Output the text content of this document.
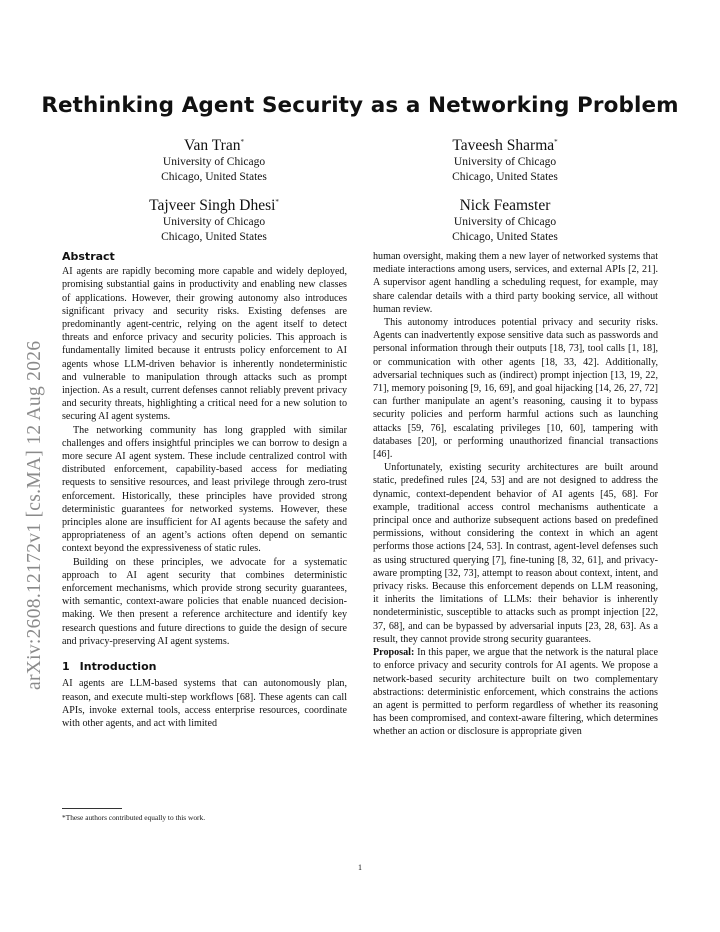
arXiv:2608.12172v1 [cs.MA] 12 Aug 2026
Rethinking Agent Security as a Networking Problem
Van Tran*
University of Chicago
Chicago, United States
Taveesh Sharma*
University of Chicago
Chicago, United States
Tajveer Singh Dhesi*
University of Chicago
Chicago, United States
Nick Feamster
University of Chicago
Chicago, United States
Abstract

AI agents are rapidly becoming more capable and widely deployed, promising substantial gains in productivity and enabling new classes of applications. However, their growing autonomy also introduces significant privacy and security risks. Existing defenses are predominantly agent-centric, relying on the agent itself to detect threats and enforce privacy and security policies. This approach is fundamentally limited because it entrusts policy enforcement to AI agents whose LLM-driven behavior is inherently nondeterministic and vulnerable to manipulation through attacks such as prompt injection. As a result, current defenses cannot reliably prevent privacy and security threats, highlighting a critical need for a new solution to securing AI agent systems.

The networking community has long grappled with similar challenges and offers insightful principles we can borrow to design a more secure AI agent system. These include centralized control with distributed enforcement, capability-based access for mediating requests to sensitive resources, and least privilege through zero-trust enforcement. Historically, these principles have provided strong deterministic guarantees for networked systems. However, these principles alone are insufficient for AI agents because the safety and appropriateness of an agent’s actions often depend on semantic context beyond the expressiveness of static rules.

Building on these principles, we advocate for a systematic approach to AI agent security that combines deterministic enforcement mechanisms, which provide strong security guarantees, with semantic, context-aware policies that enable nuanced decision-making. We then present a reference architecture and identify key research questions and future directions to guide the design of secure and privacy-preserving AI agent systems.

1 Introduction

AI agents are LLM-based systems that can autonomously plan, reason, and execute multi-step workflows [68]. These agents can call APIs, invoke external tools, access enterprise resources, coordinate with other agents, and act with limited

human oversight, making them a new layer of networked systems that mediate interactions among users, services, and external APIs [2, 21]. A supervisor agent handling a scheduling request, for example, may share calendar details with a third party booking service, all without human review.

This autonomy introduces potential privacy and security risks. Agents can inadvertently expose sensitive data such as passwords and personal information through their outputs [18, 73], tool calls [1, 18], or communication with other agents [18, 33, 42]. Additionally, adversarial techniques such as (indirect) prompt injection [13, 19, 22, 71], memory poisoning [9, 16, 69], and goal hijacking [14, 26, 27, 72] can further manipulate an agent’s reasoning, causing it to bypass security policies and perform harmful actions such as launching attacks [59, 76], escalating privileges [10, 60], tampering with databases [20], or performing unauthorized financial transactions [46].

Unfortunately, existing security architectures are built around static, predefined rules [24, 53] and are not designed to address the dynamic, context-dependent behavior of AI agents [45, 68]. For example, traditional access control mechanisms authenticate a principal once and authorize subsequent actions based on predefined permissions, without considering the context in which an agent performs those actions [24, 53]. In contrast, agent-level defenses such as using structured querying [7], fine-tuning [8, 32, 61], and privacy-aware prompting [32, 73], attempt to reason about context, intent, and privacy risks. Because this enforcement depends on LLM reasoning, it inherits the limitations of LLMs: their behavior is inherently nondeterministic, susceptible to attacks such as prompt injection [22, 37, 68], and can be bypassed by adversarial inputs [23, 28, 63]. As a result, they cannot provide strong security guarantees.

Proposal: In this paper, we argue that the network is the natural place to enforce privacy and security controls for AI agents. We propose a network-based security architecture built on two complementary abstractions: deterministic enforcement, which constrains the actions an agent is permitted to perform regardless of whether its reasoning has been compromised, and context-aware filtering, which determines whether an action or disclosure is appropriate given

*These authors contributed equally to this work.
1
